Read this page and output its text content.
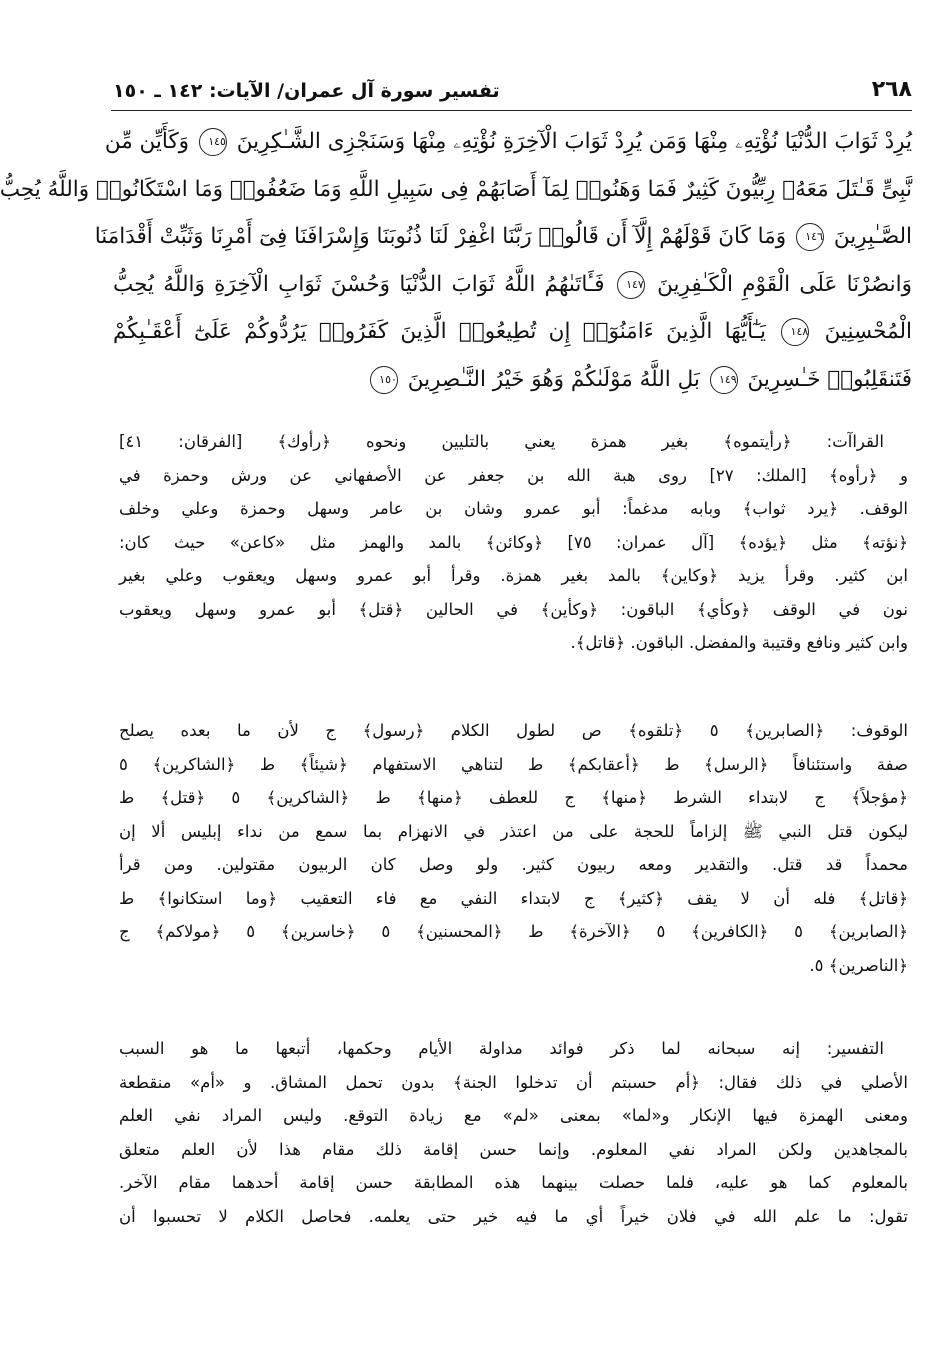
٢٦٨
تفسير سورة آل عمران/ الآيات: ١٤٢ ـ ١٥٠
يُرِدْ ثَوَابَ الدُّنْيَا نُؤْتِهِۦ مِنْهَا وَمَن يُرِدْ ثَوَابَ الْآخِرَةِ نُؤْتِهِۦ مِنْهَا وَسَنَجْزِى الشَّـٰكِرِينَ ١٤٥ وَكَأَيِّن مِّن
نَّبِىٍّ قَـٰتَلَ مَعَهُۥ رِبِّيُّونَ كَثِيرٌ فَمَا وَهَنُوا۟ لِمَآ أَصَابَهُمْ فِى سَبِيلِ اللَّهِ وَمَا ضَعُفُوا۟ وَمَا اسْتَكَانُوا۟ وَاللَّهُ يُحِبُّ
الصَّـٰبِرِينَ ١٤٦ وَمَا كَانَ قَوْلَهُمْ إِلَّآ أَن قَالُوا۟ رَبَّنَا اغْفِرْ لَنَا ذُنُوبَنَا وَإِسْرَافَنَا فِىٓ أَمْرِنَا وَثَبِّتْ أَقْدَامَنَا
وَانصُرْنَا عَلَى الْقَوْمِ الْكَـٰفِرِينَ ١٤٧ فَـَٔاتَىٰهُمُ اللَّهُ ثَوَابَ الدُّنْيَا وَحُسْنَ ثَوَابِ الْآخِرَةِ وَاللَّهُ يُحِبُّ
الْمُحْسِنِينَ ١٤٨ يَـٰٓأَيُّهَا الَّذِينَ ءَامَنُوٓا۟ إِن تُطِيعُوا۟ الَّذِينَ كَفَرُوا۟ يَرُدُّوكُمْ عَلَىٰٓ أَعْقَـٰبِكُمْ
فَتَنقَلِبُوا۟ خَـٰسِرِينَ ١٤٩ بَلِ اللَّهُ مَوْلَىٰكُمْ وَهُوَ خَيْرُ النَّـٰصِرِينَ ١٥٠
القراآت: ﴿رأيتموه﴾ بغير همزة يعني بالتليين ونحوه ﴿رأوك﴾ [الفرقان: ٤١]
و ﴿رأوه﴾ [الملك: ٢٧] روى هبة الله بن جعفر عن الأصفهاني عن ورش وحمزة في
الوقف. ﴿يرد ثواب﴾ وبابه مدغماً: أبو عمرو وشان بن عامر وسهل وحمزة وعلي وخلف
﴿نؤته﴾ مثل ﴿يؤده﴾ [آل عمران: ٧٥] ﴿وكائن﴾ بالمد والهمز مثل «كاعن» حيث كان:
ابن كثير. وقرأ يزيد ﴿وكاين﴾ بالمد بغير همزة. وقرأ أبو عمرو وسهل ويعقوب وعلي بغير
نون في الوقف ﴿وكأي﴾ الباقون: ﴿وكأين﴾ في الحالين ﴿قتل﴾ أبو عمرو وسهل ويعقوب
وابن كثير ونافع وقتيبة والمفضل. الباقون. ﴿قاتل﴾.
الوقوف: ﴿الصابرين﴾ ٥ ﴿تلقوه﴾ ص لطول الكلام ﴿رسول﴾ ج لأن ما بعده يصلح
صفة واستئنافاً ﴿الرسل﴾ ط ﴿أعقابكم﴾ ط لتناهي الاستفهام ﴿شيئاً﴾ ط ﴿الشاكرين﴾ ٥
﴿مؤجلاً﴾ ج لابتداء الشرط ﴿منها﴾ ج للعطف ﴿منها﴾ ط ﴿الشاكرين﴾ ٥ ﴿قتل﴾ ط
ليكون قتل النبي ﷺ إلزاماً للحجة على من اعتذر في الانهزام بما سمع من نداء إبليس ألا إن
محمداً قد قتل. والتقدير ومعه ربيون كثير. ولو وصل كان الربيون مقتولين. ومن قرأ
﴿قاتل﴾ فله أن لا يقف ﴿كثير﴾ ج لابتداء النفي مع فاء التعقيب ﴿وما استكانوا﴾ ط
﴿الصابرين﴾ ٥ ﴿الكافرين﴾ ٥ ﴿الآخرة﴾ ط ﴿المحسنين﴾ ٥ ﴿خاسرين﴾ ٥ ﴿مولاكم﴾ ج
﴿الناصرين﴾ ٥.
التفسير: إنه سبحانه لما ذكر فوائد مداولة الأيام وحكمها، أتبعها ما هو السبب
الأصلي في ذلك فقال: ﴿أم حسبتم أن تدخلوا الجنة﴾ بدون تحمل المشاق. و «أم» منقطعة
ومعنى الهمزة فيها الإنكار و«لما» بمعنى «لم» مع زيادة التوقع. وليس المراد نفي العلم
بالمجاهدين ولكن المراد نفي المعلوم. وإنما حسن إقامة ذلك مقام هذا لأن العلم متعلق
بالمعلوم كما هو عليه، فلما حصلت بينهما هذه المطابقة حسن إقامة أحدهما مقام الآخر.
تقول: ما علم الله في فلان خيراً أي ما فيه خير حتى يعلمه. فحاصل الكلام لا تحسبوا أن
